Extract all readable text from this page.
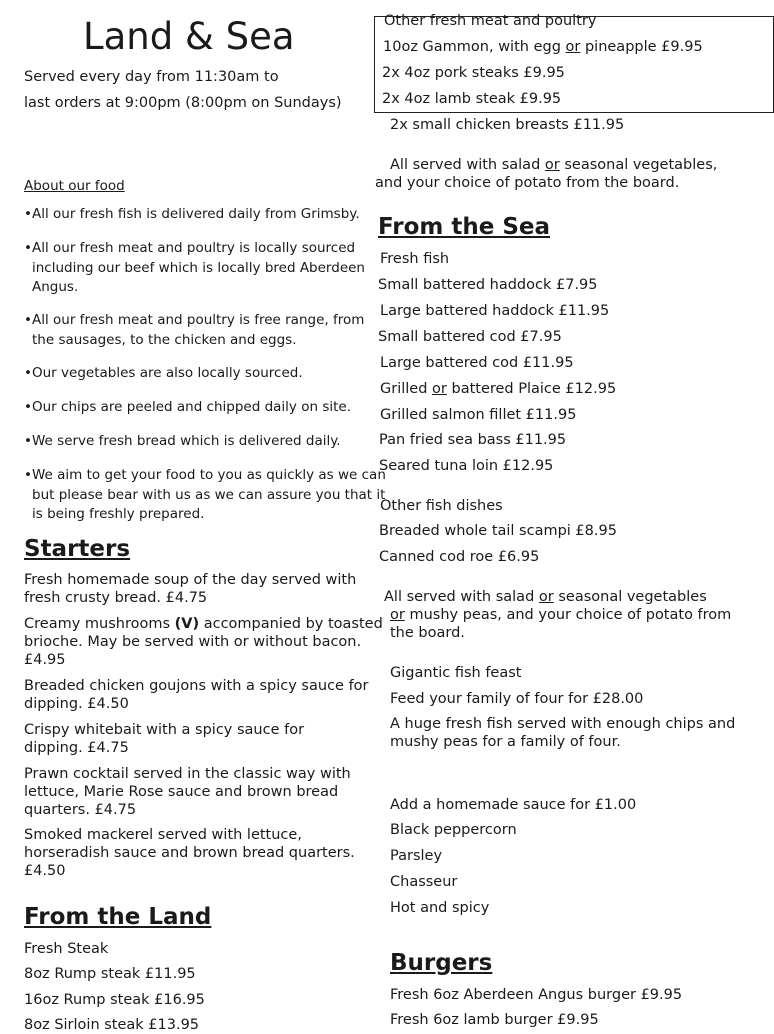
Land & Sea
Served every day from 11:30am to
last orders at 9:00pm (8:00pm on Sundays)
About our food
• All our fresh fish is delivered daily from Grimsby.
• All our fresh meat and poultry is locally sourced including our beef which is locally bred Aberdeen Angus.
• All our fresh meat and poultry is free range, from the sausages, to the chicken and eggs.
• Our vegetables are also locally sourced.
• Our chips are peeled and chipped daily on site.
• We serve fresh bread which is delivered daily.
• We aim to get your food to you as quickly as we can but please bear with us as we can assure you that it is being freshly prepared.
Starters
Fresh homemade soup of the day served with fresh crusty bread. £4.75
Creamy mushrooms (V) accompanied by toasted brioche. May be served with or without bacon. £4.95
Breaded chicken goujons with a spicy sauce for dipping. £4.50
Crispy whitebait with a spicy sauce for dipping. £4.75
Prawn cocktail served in the classic way with lettuce, Marie Rose sauce and brown bread quarters. £4.75
Smoked mackerel served with lettuce, horseradish sauce and brown bread quarters. £4.50
From the Land
Fresh Steak
8oz Rump steak £11.95
16oz Rump steak £16.95
8oz Sirloin steak £13.95
Other fresh meat and poultry
10oz Gammon, with egg or pineapple £9.95
2x 4oz pork steaks £9.95
2x 4oz lamb steak £9.95
2x small chicken breasts £11.95
All served with salad or seasonal vegetables,
and your choice of potato from the board.
From the Sea
Fresh fish
Small battered haddock £7.95
Large battered haddock £11.95
Small battered cod £7.95
Large battered cod £11.95
Grilled or battered Plaice £12.95
Grilled salmon fillet £11.95
Pan fried sea bass £11.95
Seared tuna loin £12.95
Other fish dishes
Breaded whole tail scampi £8.95
Canned cod roe £6.95
All served with salad or seasonal vegetables
or mushy peas, and your choice of potato from
the board.
Gigantic fish feast
Feed your family of four for £28.00
A huge fresh fish served with enough chips and mushy peas for a family of four.
Add a homemade sauce for £1.00
Black peppercorn
Parsley
Chasseur
Hot and spicy
Burgers
Fresh 6oz Aberdeen Angus burger £9.95
Fresh 6oz lamb burger £9.95
